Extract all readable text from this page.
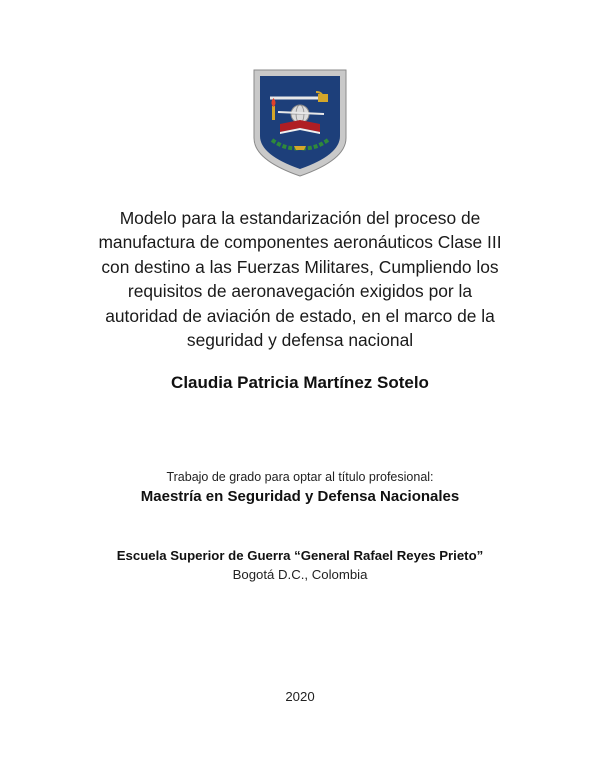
Modelo para la estandarización del proceso de
manufactura de componentes aeronáuticos Clase III
con destino a las Fuerzas Militares, Cumpliendo los
requisitos de aeronavegación exigidos por la
autoridad de aviación de estado, en el marco de la
seguridad y defensa nacional
Claudia Patricia Martínez Sotelo
Trabajo de grado para optar al título profesional:
Maestría en Seguridad y Defensa Nacionales
Escuela Superior de Guerra “General Rafael Reyes Prieto”
Bogotá D.C., Colombia
2020
